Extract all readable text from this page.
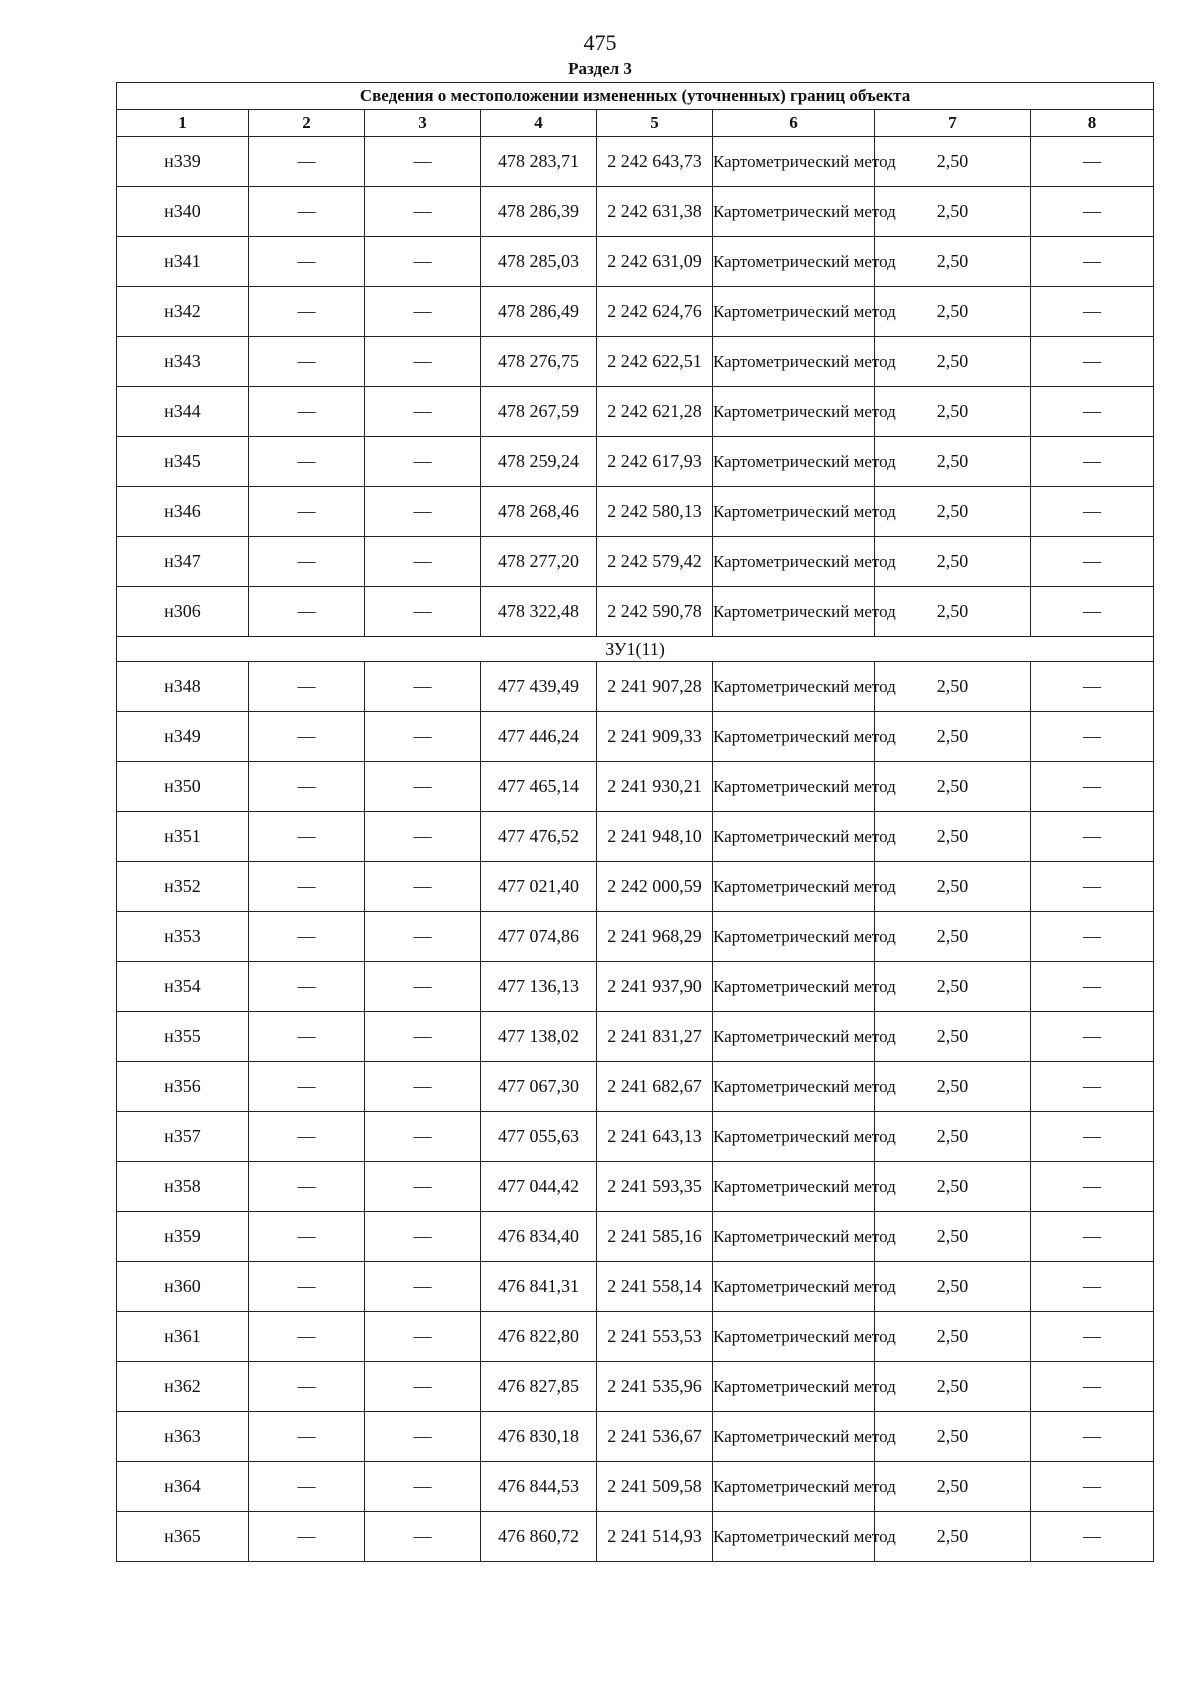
475
Раздел 3
Сведения о местоположении измененных (уточненных) границ объекта							
1	2	3	4	5	6	7	8
н339	—	—	478 283,71	2 242 643,73	Картометрический метод	2,50	—
н340	—	—	478 286,39	2 242 631,38	Картометрический метод	2,50	—
н341	—	—	478 285,03	2 242 631,09	Картометрический метод	2,50	—
н342	—	—	478 286,49	2 242 624,76	Картометрический метод	2,50	—
н343	—	—	478 276,75	2 242 622,51	Картометрический метод	2,50	—
н344	—	—	478 267,59	2 242 621,28	Картометрический метод	2,50	—
н345	—	—	478 259,24	2 242 617,93	Картометрический метод	2,50	—
н346	—	—	478 268,46	2 242 580,13	Картометрический метод	2,50	—
н347	—	—	478 277,20	2 242 579,42	Картометрический метод	2,50	—
н306	—	—	478 322,48	2 242 590,78	Картометрический метод	2,50	—
ЗУ1(11)							
н348	—	—	477 439,49	2 241 907,28	Картометрический метод	2,50	—
н349	—	—	477 446,24	2 241 909,33	Картометрический метод	2,50	—
н350	—	—	477 465,14	2 241 930,21	Картометрический метод	2,50	—
н351	—	—	477 476,52	2 241 948,10	Картометрический метод	2,50	—
н352	—	—	477 021,40	2 242 000,59	Картометрический метод	2,50	—
н353	—	—	477 074,86	2 241 968,29	Картометрический метод	2,50	—
н354	—	—	477 136,13	2 241 937,90	Картометрический метод	2,50	—
н355	—	—	477 138,02	2 241 831,27	Картометрический метод	2,50	—
н356	—	—	477 067,30	2 241 682,67	Картометрический метод	2,50	—
н357	—	—	477 055,63	2 241 643,13	Картометрический метод	2,50	—
н358	—	—	477 044,42	2 241 593,35	Картометрический метод	2,50	—
н359	—	—	476 834,40	2 241 585,16	Картометрический метод	2,50	—
н360	—	—	476 841,31	2 241 558,14	Картометрический метод	2,50	—
н361	—	—	476 822,80	2 241 553,53	Картометрический метод	2,50	—
н362	—	—	476 827,85	2 241 535,96	Картометрический метод	2,50	—
н363	—	—	476 830,18	2 241 536,67	Картометрический метод	2,50	—
н364	—	—	476 844,53	2 241 509,58	Картометрический метод	2,50	—
н365	—	—	476 860,72	2 241 514,93	Картометрический метод	2,50	—
